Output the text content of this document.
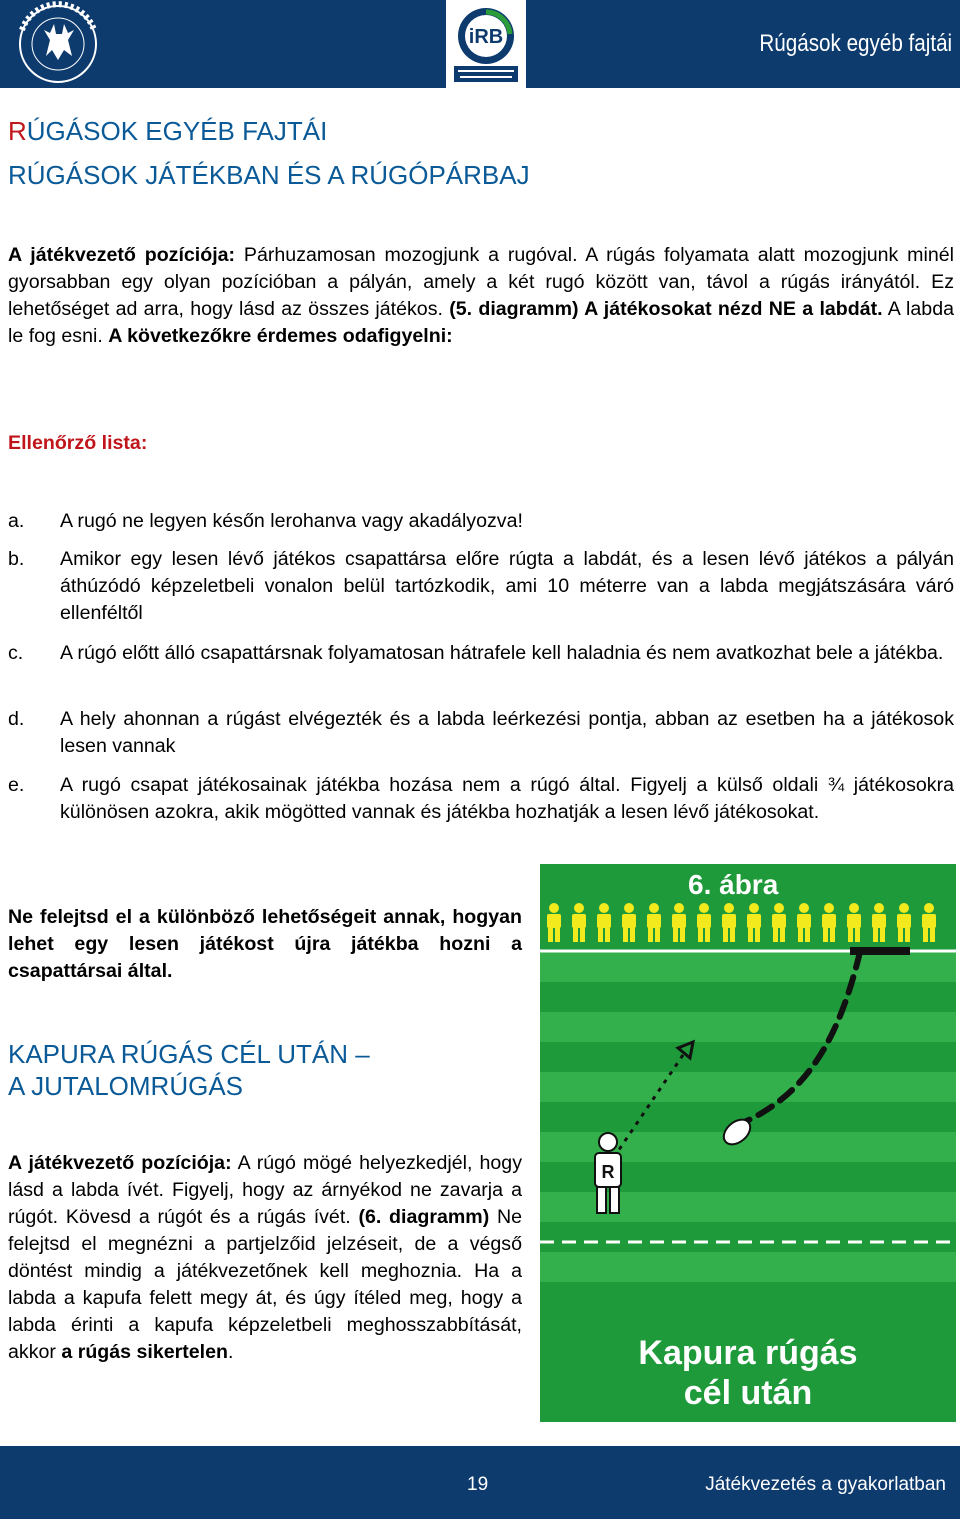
iRB	Rúgások egyéb fajtái
RÚGÁSOK EGYÉB FAJTÁI
RÚGÁSOK JÁTÉKBAN ÉS A RÚGÓPÁRBAJ
A játékvezető pozíciója: Párhuzamosan mozogjunk a rugóval. A rúgás folyamata alatt mozogjunk minél gyorsabban egy olyan pozícióban a pályán, amely a két rugó között van, távol a rúgás irányától. Ez lehetőséget ad arra, hogy lásd az összes játékos. (5. diagramm) A játékosokat nézd NE a labdát. A labda le fog esni. A következőkre érdemes odafigyelni:
Ellenőrző lista:
a. A rugó ne legyen későn lerohanva vagy akadályozva!
b. Amikor egy lesen lévő játékos csapattársa előre rúgta a labdát, és a lesen lévő játékos a pályán áthúzódó képzeletbeli vonalon belül tartózkodik, ami 10 méterre van a labda megjátszására váró ellenféltől
c. A rúgó előtt álló csapattársnak folyamatosan hátrafele kell haladnia és nem avatkozhat bele a játékba.
d. A hely ahonnan a rúgást elvégezték és a labda leérkezési pontja, abban az esetben ha a játékosok lesen vannak
e. A rugó csapat játékosainak játékba hozása nem a rúgó által. Figyelj a külső oldali ¾ játékosokra különösen azokra, akik mögötted vannak és játékba hozhatják a lesen lévő játékosokat.
Ne felejtsd el a különböző lehetőségeit annak, hogyan lehet egy lesen játékost újra játékba hozni a csapattársai által.
KAPURA RÚGÁS CÉL UTÁN –
A JUTALOMRÚGÁS
A játékvezető pozíciója: A rúgó mögé helyezkedjél, hogy lásd a labda ívét. Figyelj, hogy az árnyékod ne zavarja a rúgót. Kövesd a rúgót és a rúgás ívét. (6. diagramm) Ne felejtsd el megnézni a partjelzőid jelzéseit, de a végső döntést mindig a játékvezetőnek kell meghoznia. Ha a labda a kapufa felett megy át, és úgy ítéled meg, hogy a labda érinti a kapufa képzeletbeli meghosszabbítását, akkor a rúgás sikertelen.
6. ábra
R
Kapura rúgás
cél után
19	Játékvezetés a gyakorlatban
